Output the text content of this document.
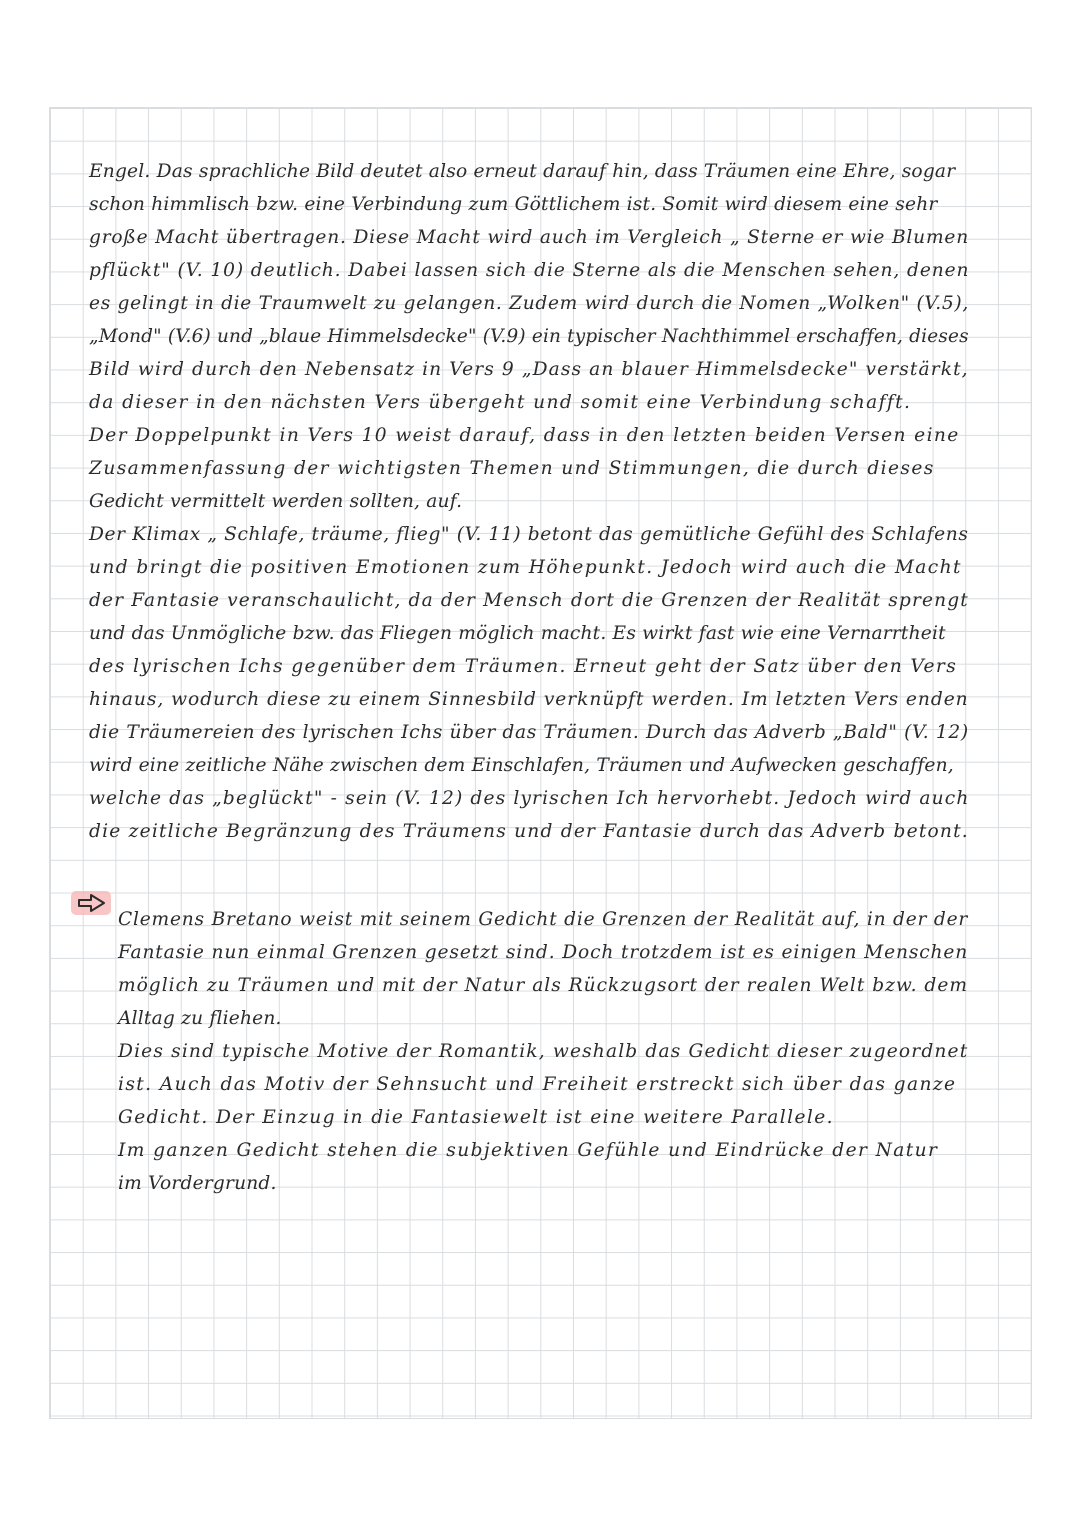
Engel. Das sprachliche Bild deutet also erneut darauf hin, dass Träumen eine Ehre, sogar
schon himmlisch bzw. eine Verbindung zum Göttlichem ist. Somit wird diesem eine sehr
große Macht übertragen. Diese Macht wird auch im Vergleich „ Sterne er wie Blumen
pflückt" (V. 10) deutlich. Dabei lassen sich die Sterne als die Menschen sehen, denen
es gelingt in die Traumwelt zu gelangen. Zudem wird durch die Nomen „Wolken" (V.5),
„Mond" (V.6) und „blaue Himmelsdecke" (V.9) ein typischer Nachthimmel erschaffen, dieses
Bild wird durch den Nebensatz in Vers 9 „Dass an blauer Himmelsdecke" verstärkt,
da dieser in den nächsten Vers übergeht und somit eine Verbindung schafft.
Der Doppelpunkt in Vers 10 weist darauf, dass in den letzten beiden Versen eine
Zusammenfassung der wichtigsten Themen und Stimmungen, die durch dieses
Gedicht vermittelt werden sollten, auf.
Der Klimax „ Schlafe, träume, flieg" (V. 11) betont das gemütliche Gefühl des Schlafens
und bringt die positiven Emotionen zum Höhepunkt. Jedoch wird auch die Macht
der Fantasie veranschaulicht, da der Mensch dort die Grenzen der Realität sprengt
und das Unmögliche bzw. das Fliegen möglich macht. Es wirkt fast wie eine Vernarrtheit
des lyrischen Ichs gegenüber dem Träumen. Erneut geht der Satz über den Vers
hinaus, wodurch diese zu einem Sinnesbild verknüpft werden. Im letzten Vers enden
die Träumereien des lyrischen Ichs über das Träumen. Durch das Adverb „Bald" (V. 12)
wird eine zeitliche Nähe zwischen dem Einschlafen, Träumen und Aufwecken geschaffen,
welche das „beglückt" - sein (V. 12) des lyrischen Ich hervorhebt. Jedoch wird auch
die zeitliche Begränzung des Träumens und der Fantasie durch das Adverb betont.
Clemens Bretano weist mit seinem Gedicht die Grenzen der Realität auf, in der der
Fantasie nun einmal Grenzen gesetzt sind. Doch trotzdem ist es einigen Menschen
möglich zu Träumen und mit der Natur als Rückzugsort der realen Welt bzw. dem
Alltag zu fliehen.
Dies sind typische Motive der Romantik, weshalb das Gedicht dieser zugeordnet
ist. Auch das Motiv der Sehnsucht und Freiheit erstreckt sich über das ganze
Gedicht. Der Einzug in die Fantasiewelt ist eine weitere Parallele.
Im ganzen Gedicht stehen die subjektiven Gefühle und Eindrücke der Natur
im Vordergrund.
